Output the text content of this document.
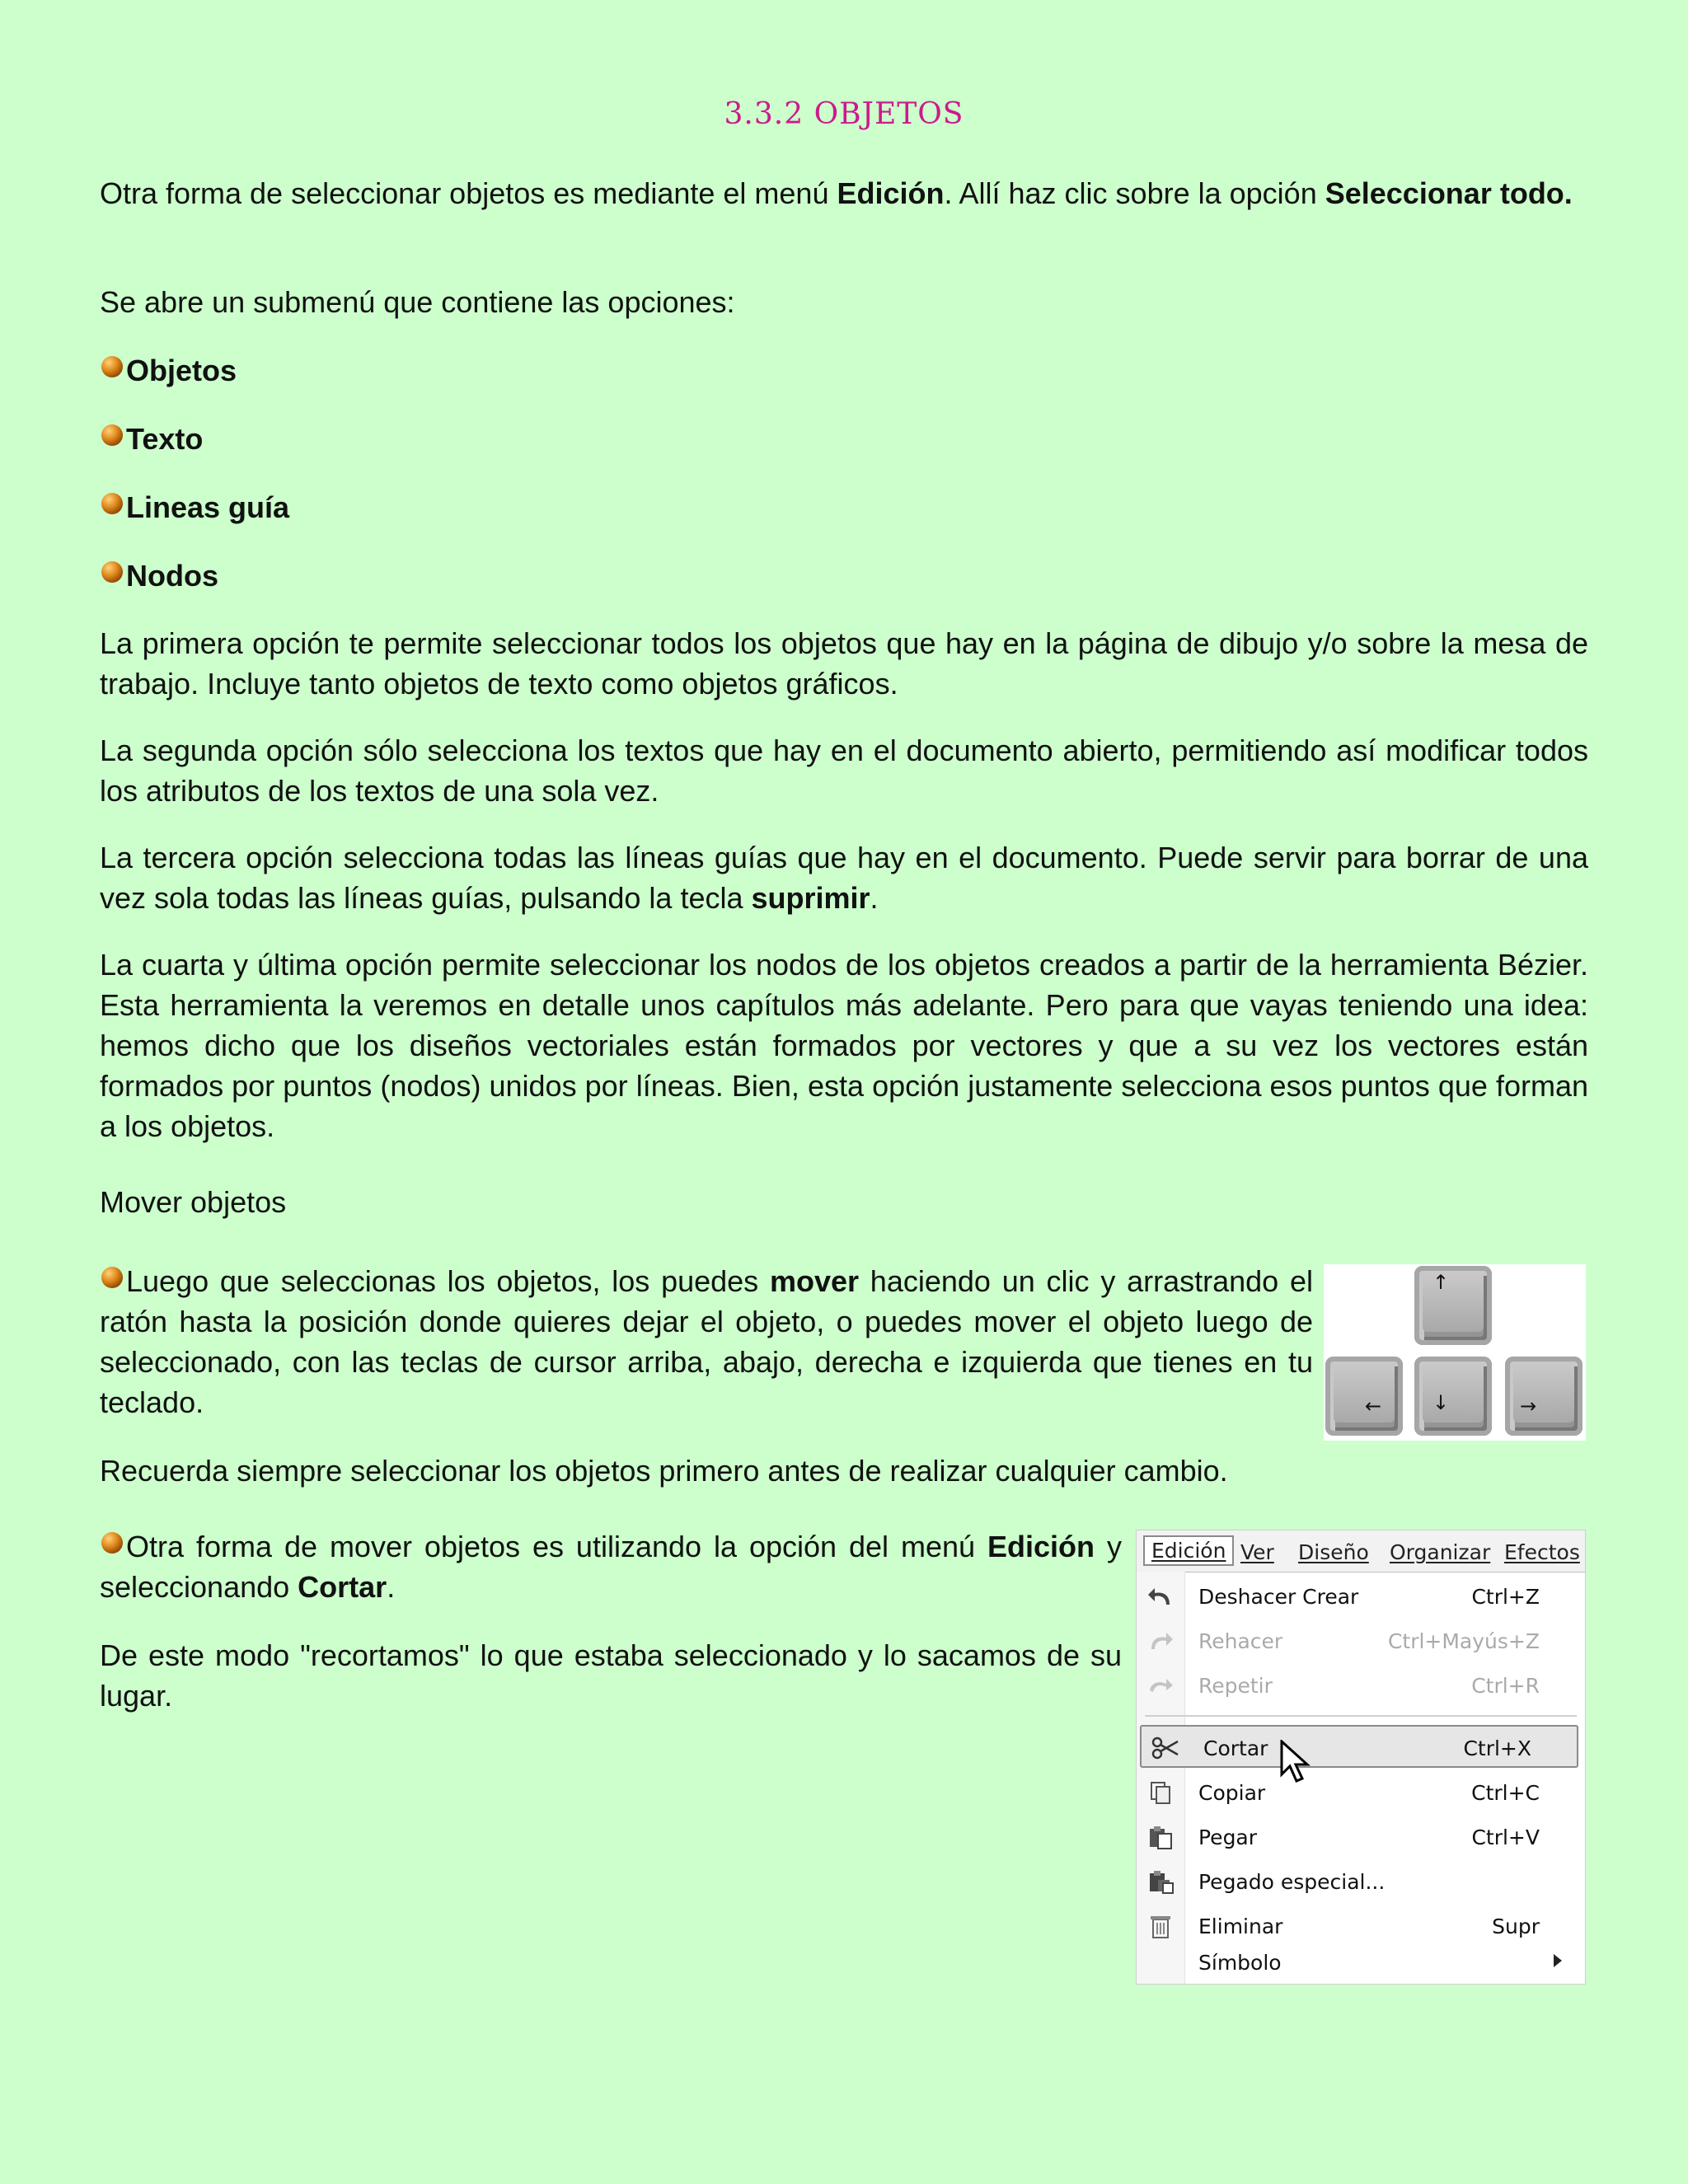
3.3.2 OBJETOS
Otra forma de seleccionar objetos es mediante el menú Edición. Allí haz clic sobre la opción Seleccionar todo.
Se abre un submenú que contiene las opciones:
Objetos
Texto
Lineas guía
Nodos
La primera opción te permite seleccionar todos los objetos que hay en la página de dibujo y/o sobre la mesa de trabajo. Incluye tanto objetos de texto como objetos gráficos.
La segunda opción sólo selecciona los textos que hay en el documento abierto, permitiendo así modificar todos los atributos de los textos de una sola vez.
La tercera opción selecciona todas las líneas guías que hay en el documento. Puede servir para borrar de una vez sola todas las líneas guías, pulsando la tecla suprimir.
La cuarta y última opción permite seleccionar los nodos de los objetos creados a partir de la herramienta Bézier. Esta herramienta la veremos en detalle unos capítulos más adelante. Pero para que vayas teniendo una idea: hemos dicho que los diseños vectoriales están formados por vectores y que a su vez los vectores están formados por puntos (nodos) unidos por líneas. Bien, esta opción justamente selecciona esos puntos que forman a los objetos.
Mover objetos
Luego que seleccionas los objetos, los puedes mover haciendo un clic y arrastrando el ratón hasta la posición donde quieres dejar el objeto, o puedes mover el objeto luego de seleccionado, con las teclas de cursor arriba, abajo, derecha e izquierda que tienes en tu teclado.
↑
←	↓	→
Recuerda siempre seleccionar los objetos primero antes de realizar cualquier cambio.
Otra forma de mover objetos es utilizando la opción del menú Edición y seleccionando Cortar.
De este modo "recortamos" lo que estaba seleccionado y lo sacamos de su lugar.
Edición Ver Diseño Organizar Efectos
Deshacer Crear	Ctrl+Z
Rehacer	Ctrl+Mayús+Z
Repetir	Ctrl+R
Cortar	Ctrl+X
Copiar	Ctrl+C
Pegar	Ctrl+V
Pegado especial...
Eliminar	Supr
Símbolo
